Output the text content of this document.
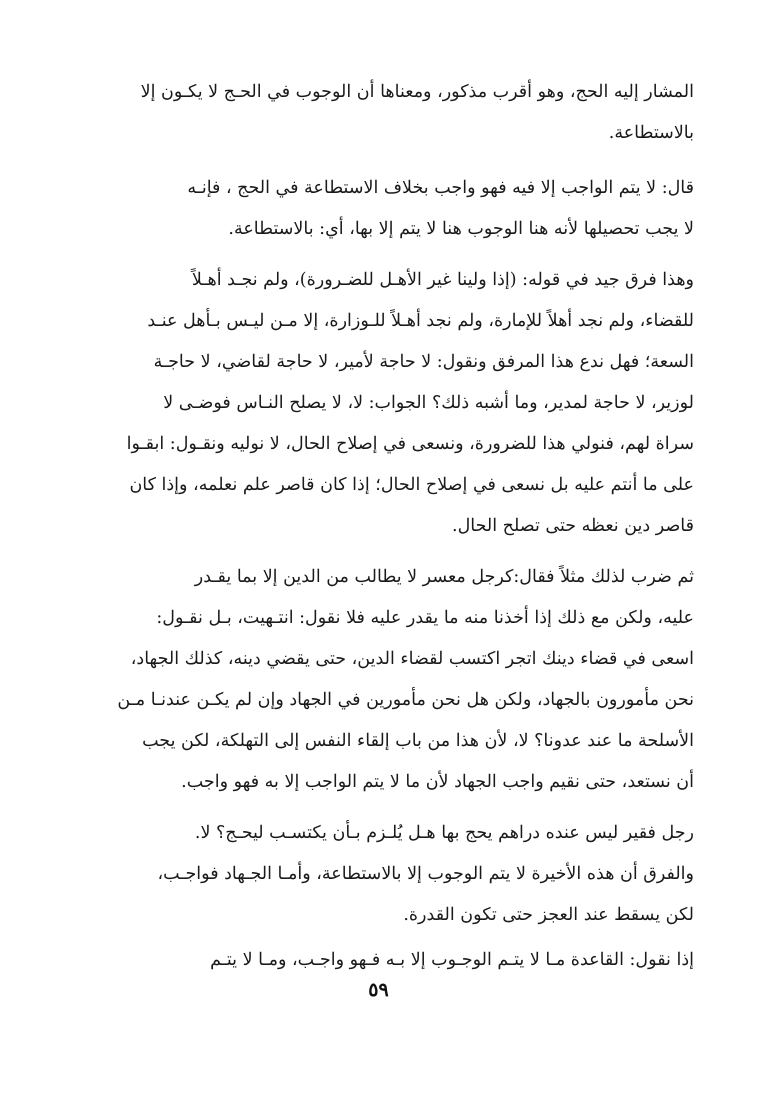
المشار إليه الحج، وهو أقرب مذكور، ومعناها أن الوجوب في الحـج لا يكـون إلا
بالاستطاعة.

قال: لا يتم الواجب إلا فيه فهو واجب بخلاف الاستطاعة في الحج ، فإنـه
لا يجب تحصيلها لأنه هنا الوجوب هنا لا يتم إلا بها، أي: بالاستطاعة.

وهذا فرق جيد في قوله: (إذا ولينا غير الأهـل للضـرورة)، ولم نجـد أهـلاً
للقضاء، ولم نجد أهلاً للإمارة، ولم نجد أهـلاً للـوزارة، إلا مـن ليـس بـأهل عنـد
السعة؛ فهل ندع هذا المرفق ونقول: لا حاجة لأمير، لا حاجة لقاضي، لا حاجـة
لوزير، لا حاجة لمدير، وما أشبه ذلك؟ الجواب: لا، لا يصلح النـاس فوضـى لا
سراة لهم، فنولي هذا للضرورة، ونسعى في إصلاح الحال، لا نوليه ونقـول: ابقـوا
على ما أنتم عليه بل نسعى في إصلاح الحال؛ إذا كان قاصر علم نعلمه، وإذا كان
قاصر دين نعظه حتى تصلح الحال.

ثم ضرب لذلك مثلاً فقال:كرجل معسر لا يطالب من الدين إلا بما يقـدر
عليه، ولكن مع ذلك إذا أخذنا منه ما يقدر عليه فلا نقول: انتـهيت، بـل نقـول:
اسعى في قضاء دينك اتجر اكتسب لقضاء الدين، حتى يقضي دينه، كذلك الجهاد،
نحن مأمورون بالجهاد، ولكن هل نحن مأمورين في الجهاد وإن لم يكـن عندنـا مـن
الأسلحة ما عند عدونا؟ لا، لأن هذا من باب إلقاء النفس إلى التهلكة، لكن يجب
أن نستعد، حتى نقيم واجب الجهاد لأن ما لا يتم الواجب إلا به فهو واجب.

رجل فقير ليس عنده دراهم يحج بها هـل يُلـزم بـأن يكتسـب ليحـج؟ لا.
والفرق أن هذه الأخيرة لا يتم الوجوب إلا بالاستطاعة، وأمـا الجـهاد فواجـب،
لكن يسقط عند العجز حتى تكون القدرة.

إذا نقول: القاعدة مـا لا يتـم الوجـوب إلا بـه فـهو واجـب، ومـا لا يتـم

٥٩
